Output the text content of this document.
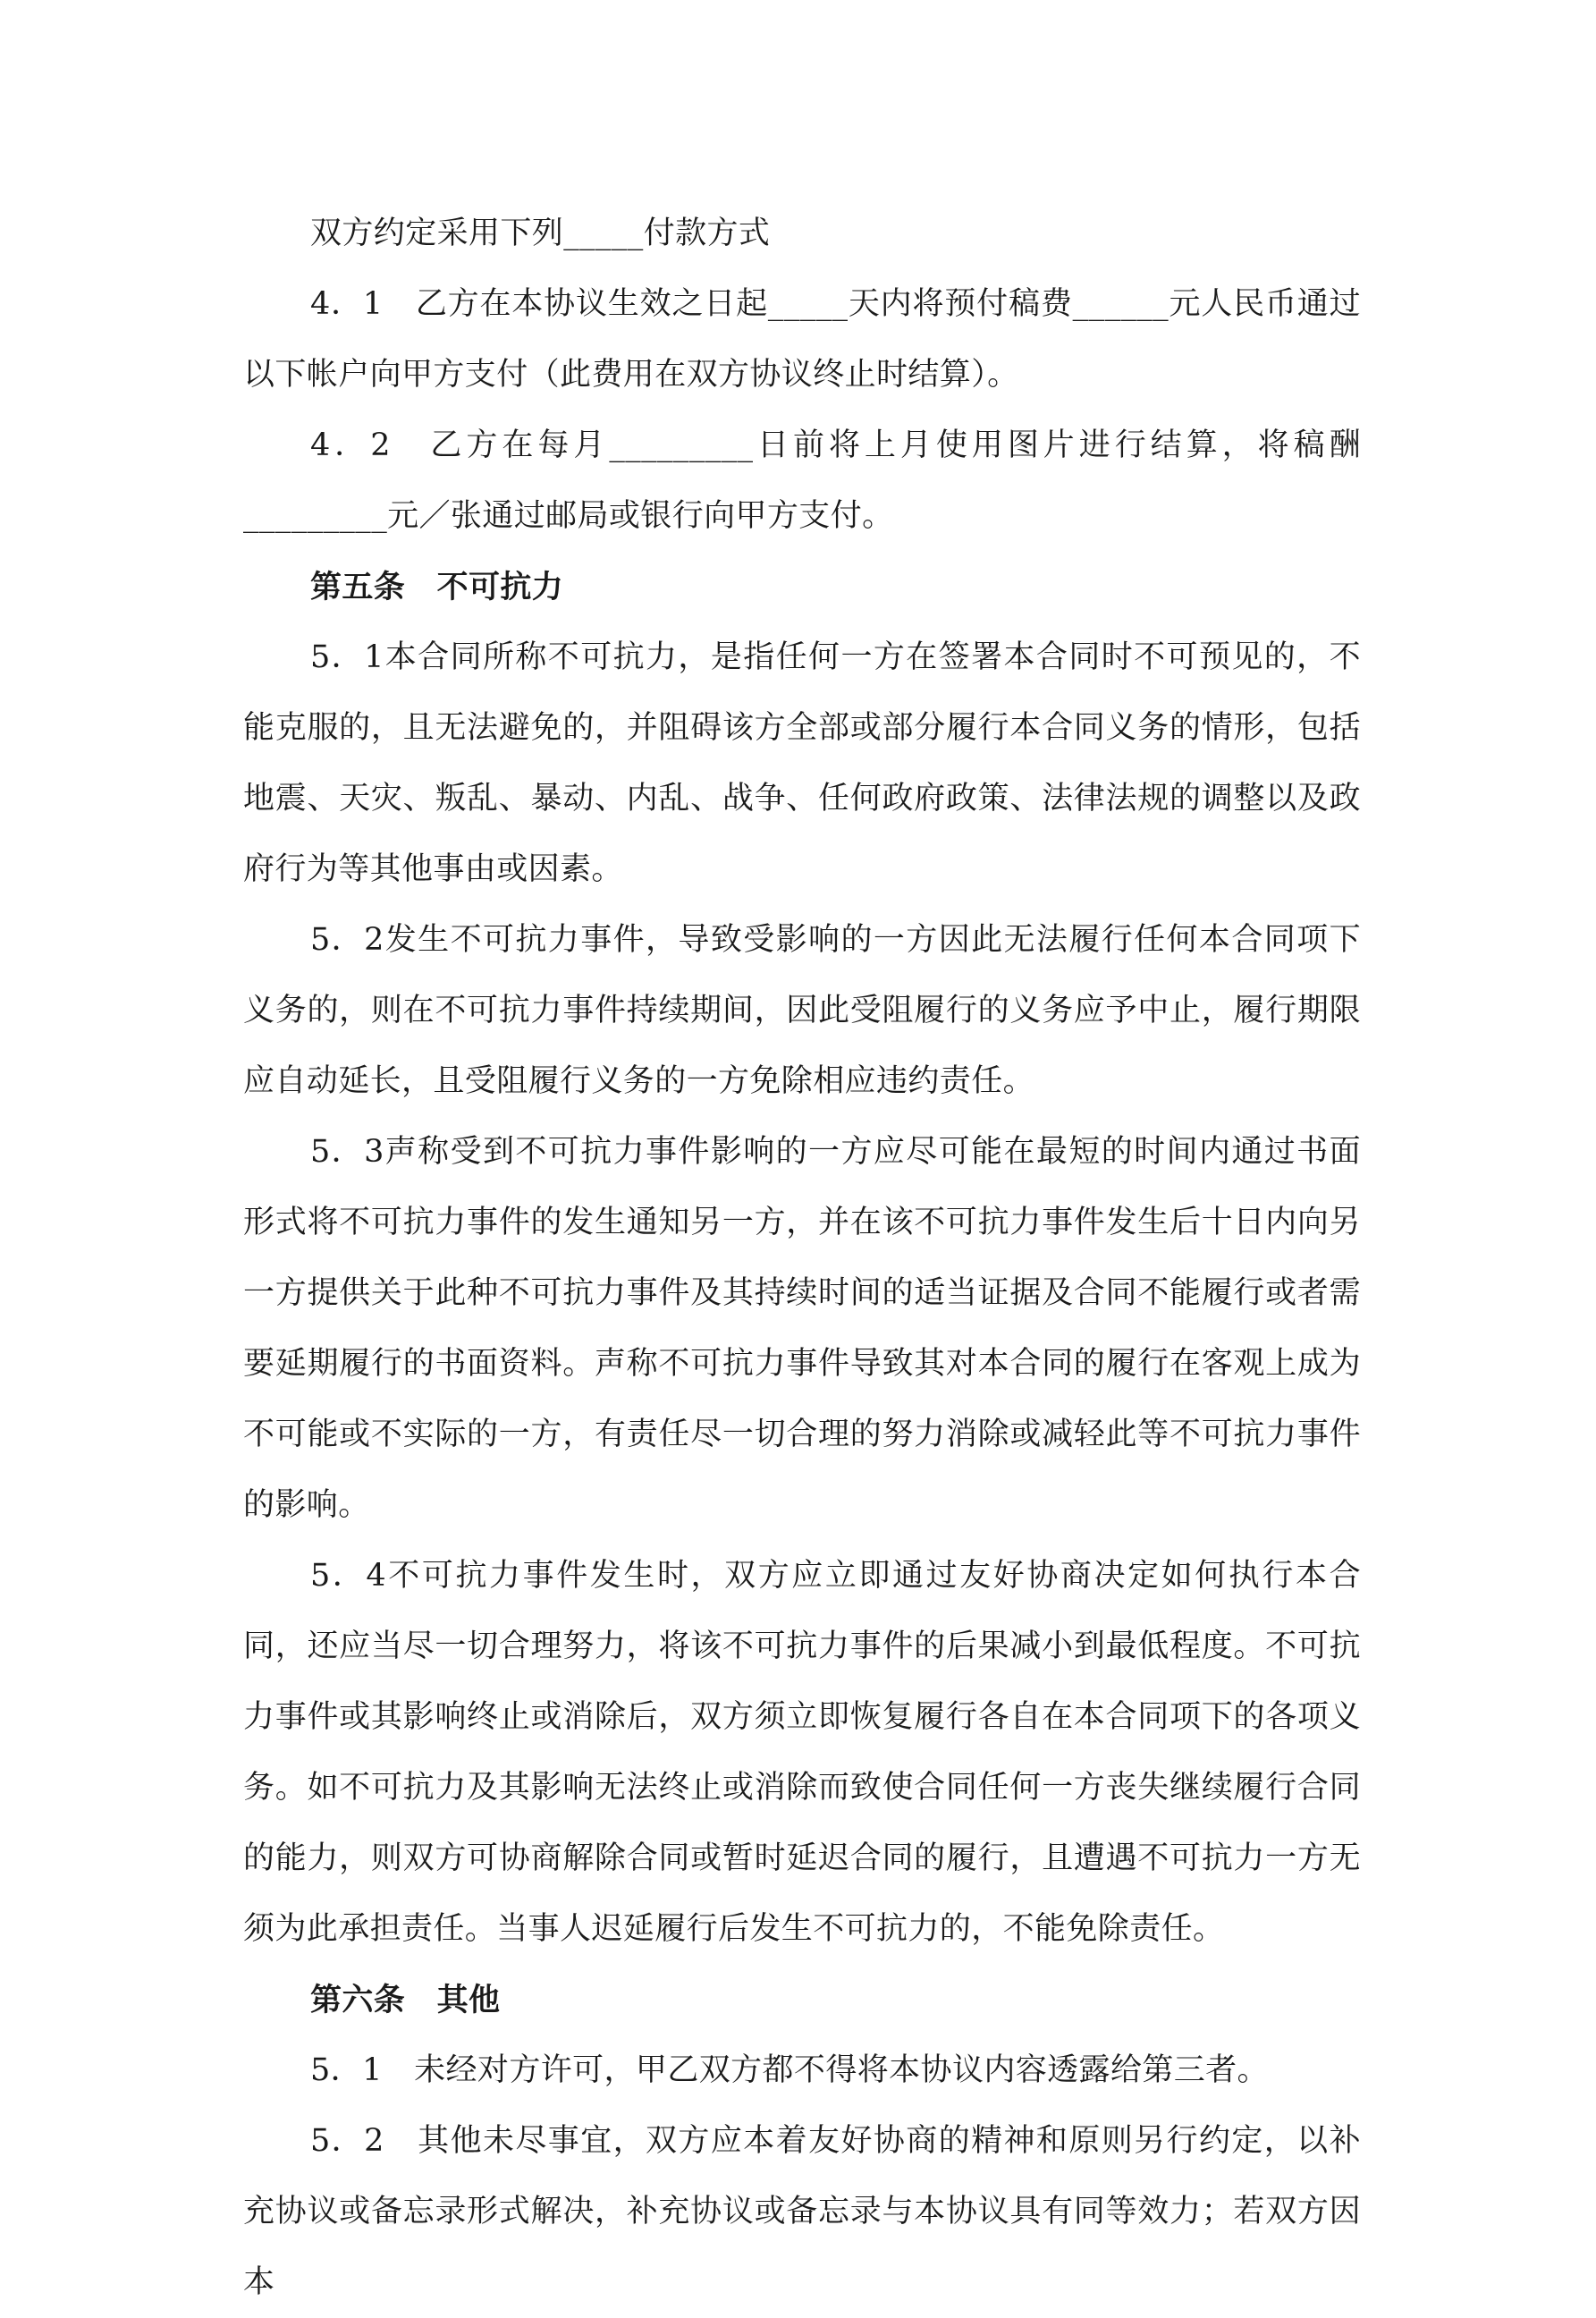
双方约定采用下列_____付款方式

4．1　乙方在本协议生效之日起_____天内将预付稿费______元人民币通过以下帐户向甲方支付（此费用在双方协议终止时结算）。

4．2　乙方在每月_________日前将上月使用图片进行结算，将稿酬_________元／张通过邮局或银行向甲方支付。

第五条　不可抗力

5．1本合同所称不可抗力，是指任何一方在签署本合同时不可预见的，不能克服的，且无法避免的，并阻碍该方全部或部分履行本合同义务的情形，包括地震、天灾、叛乱、暴动、内乱、战争、任何政府政策、法律法规的调整以及政府行为等其他事由或因素。

5．2发生不可抗力事件，导致受影响的一方因此无法履行任何本合同项下义务的，则在不可抗力事件持续期间，因此受阻履行的义务应予中止，履行期限应自动延长，且受阻履行义务的一方免除相应违约责任。

5．3声称受到不可抗力事件影响的一方应尽可能在最短的时间内通过书面形式将不可抗力事件的发生通知另一方，并在该不可抗力事件发生后十日内向另一方提供关于此种不可抗力事件及其持续时间的适当证据及合同不能履行或者需要延期履行的书面资料。声称不可抗力事件导致其对本合同的履行在客观上成为不可能或不实际的一方，有责任尽一切合理的努力消除或减轻此等不可抗力事件的影响。

5．4不可抗力事件发生时，双方应立即通过友好协商决定如何执行本合同，还应当尽一切合理努力，将该不可抗力事件的后果减小到最低程度。不可抗力事件或其影响终止或消除后，双方须立即恢复履行各自在本合同项下的各项义务。如不可抗力及其影响无法终止或消除而致使合同任何一方丧失继续履行合同的能力，则双方可协商解除合同或暂时延迟合同的履行，且遭遇不可抗力一方无须为此承担责任。当事人迟延履行后发生不可抗力的，不能免除责任。

第六条　其他

5．1　未经对方许可，甲乙双方都不得将本协议内容透露给第三者。

5．2　其他未尽事宜，双方应本着友好协商的精神和原则另行约定，以补充协议或备忘录形式解决，补充协议或备忘录与本协议具有同等效力；若双方因本
